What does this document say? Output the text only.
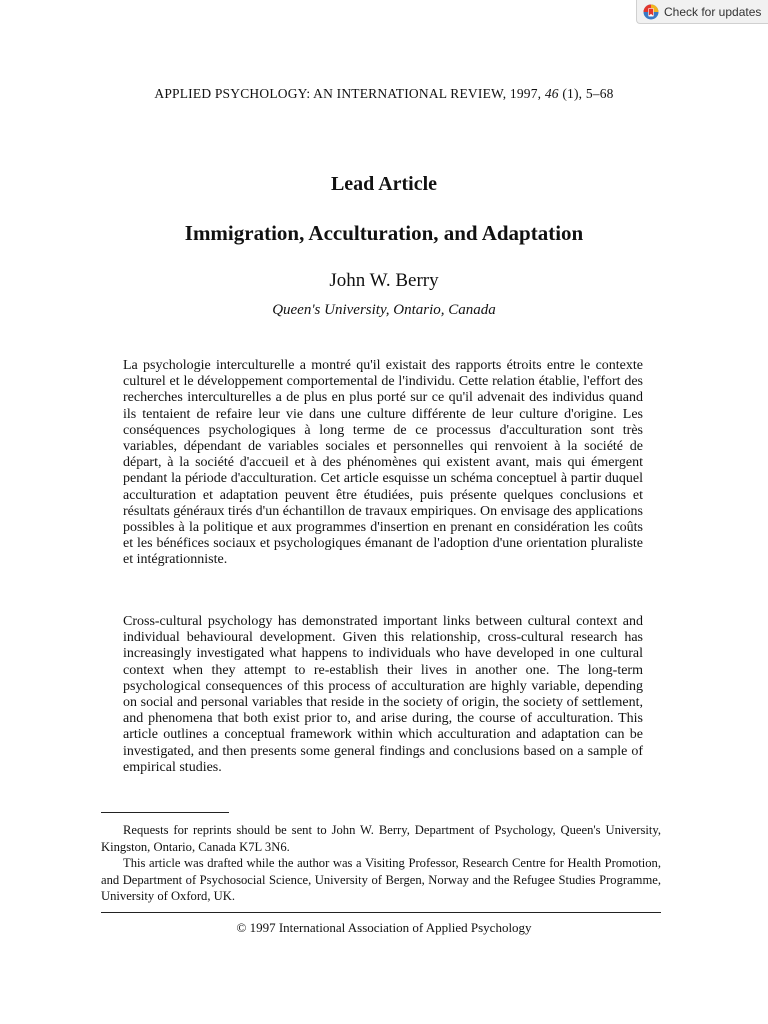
Check for updates
APPLIED PSYCHOLOGY: AN INTERNATIONAL REVIEW, 1997, 46 (1), 5–68
Lead Article
Immigration, Acculturation, and Adaptation
John W. Berry
Queen's University, Ontario, Canada

La psychologie interculturelle a montré qu'il existait des rapports étroits entre le contexte culturel et le développement comportemental de l'individu. Cette relation établie, l'effort des recherches interculturelles a de plus en plus porté sur ce qu'il advenait des individus quand ils tentaient de refaire leur vie dans une culture différente de leur culture d'origine. Les conséquences psychologiques à long terme de ce processus d'acculturation sont très variables, dépendant de variables sociales et personnelles qui renvoient à la société de départ, à la société d'accueil et à des phénomènes qui existent avant, mais qui émergent pendant la période d'acculturation. Cet article esquisse un schéma conceptuel à partir duquel acculturation et adaptation peuvent être étudiées, puis présente quelques conclusions et résultats généraux tirés d'un échantillon de travaux empiriques. On envisage des applications possibles à la politique et aux programmes d'insertion en prenant en considération les coûts et les bénéfices sociaux et psychologiques émanant de l'adoption d'une orientation pluraliste et intégrationniste.

Cross-cultural psychology has demonstrated important links between cultural context and individual behavioural development. Given this relationship, cross-cultural research has increasingly investigated what happens to individuals who have developed in one cultural context when they attempt to re-establish their lives in another one. The long-term psychological consequences of this process of acculturation are highly variable, depending on social and personal variables that reside in the society of origin, the society of settlement, and phenomena that both exist prior to, and arise during, the course of acculturation. This article outlines a conceptual framework within which acculturation and adaptation can be investigated, and then presents some general findings and conclusions based on a sample of empirical studies.

Requests for reprints should be sent to John W. Berry, Department of Psychology, Queen's University, Kingston, Ontario, Canada K7L 3N6.

This article was drafted while the author was a Visiting Professor, Research Centre for Health Promotion, and Department of Psychosocial Science, University of Bergen, Norway and the Refugee Studies Programme, University of Oxford, UK.

© 1997 International Association of Applied Psychology
